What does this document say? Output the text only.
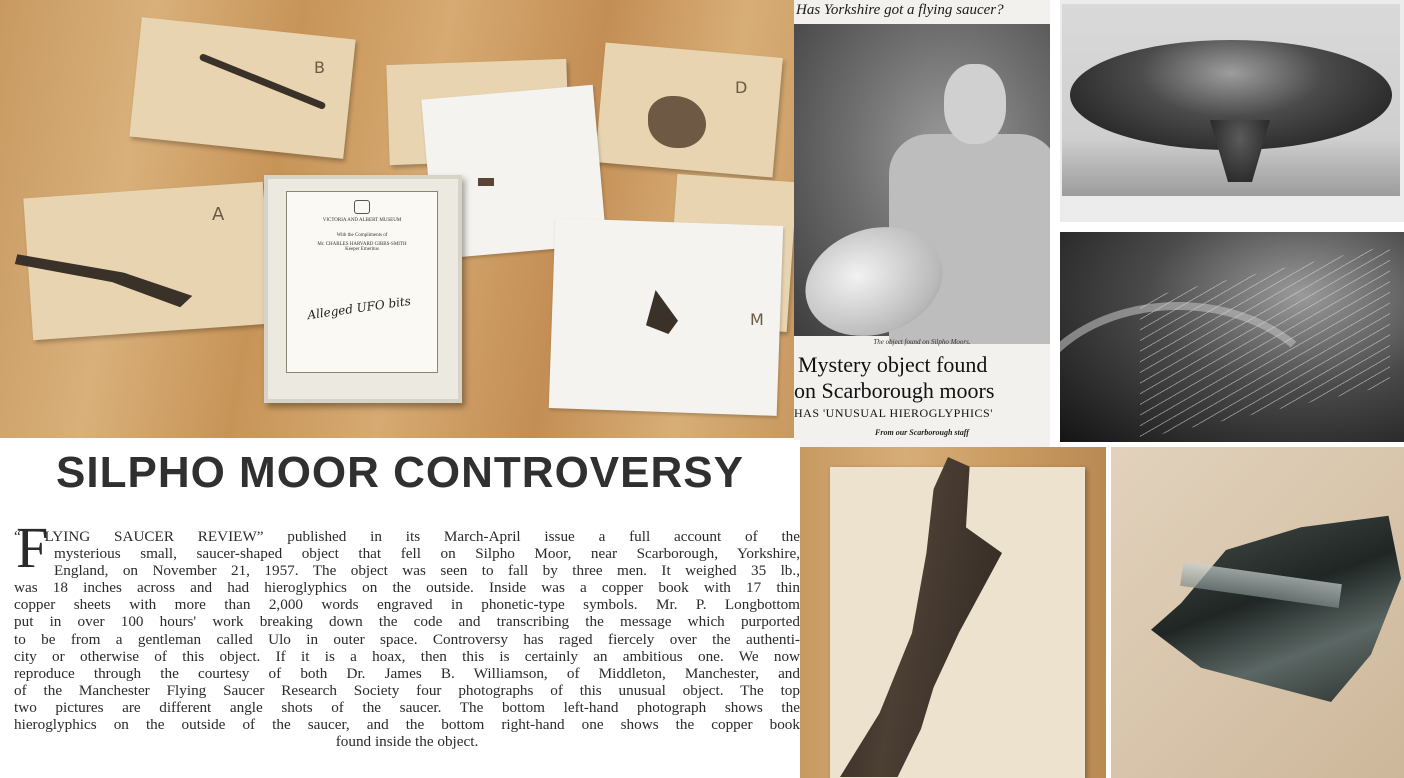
B
D
A
M
VICTORIA AND ALBERT MUSEUM
With the Compliments of
Mr. CHARLES HARVARD GIBBS-SMITH
Keeper Emeritus
Alleged UFO bits
Has Yorkshire got a flying saucer?
The object found on Silpho Moors.
Mystery object found
on Scarborough moors
HAS 'UNUSUAL HIEROGLYPHICS'
From our Scarborough staff
SILPHO MOOR CONTROVERSY
F
“ LYING SAUCER REVIEW” published in its March-April issue a full account of the
mysterious small, saucer-shaped object that fell on Silpho Moor, near Scarborough, Yorkshire,
England, on November 21, 1957. The object was seen to fall by three men. It weighed 35 lb.,
was 18 inches across and had hieroglyphics on the outside. Inside was a copper book with 17 thin
copper sheets with more than 2,000 words engraved in phonetic-type symbols. Mr. P. Longbottom
put in over 100 hours' work breaking down the code and transcribing the message which purported
to be from a gentleman called Ulo in outer space. Controversy has raged fiercely over the authenti-
city or otherwise of this object. If it is a hoax, then this is certainly an ambitious one. We now
reproduce through the courtesy of both Dr. James B. Williamson, of Middleton, Manchester, and
of the Manchester Flying Saucer Research Society four photographs of this unusual object. The top
two pictures are different angle shots of the saucer. The bottom left-hand photograph shows the
hieroglyphics on the outside of the saucer, and the bottom right-hand one shows the copper book
found inside the object.
